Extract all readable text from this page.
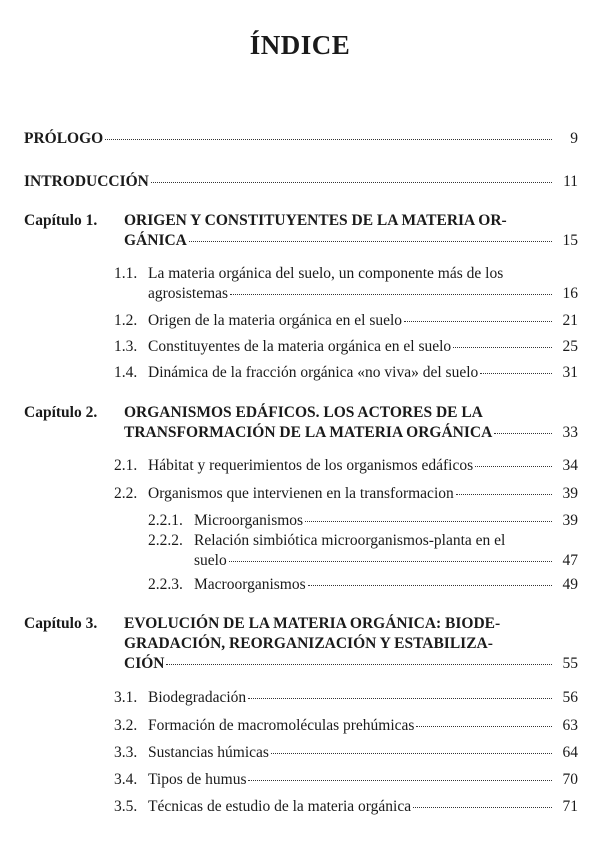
ÍNDICE
PRÓLOGO	9
INTRODUCCIÓN	11
Capítulo 1.	ORIGEN Y CONSTITUYENTES DE LA MATERIA OR-
GÁNICA	15
1.1. La materia orgánica del suelo, un componente más de los
agrosistemas	16
1.2. Origen de la materia orgánica en el suelo	21
1.3. Constituyentes de la materia orgánica en el suelo	25
1.4. Dinámica de la fracción orgánica «no viva» del suelo	31
Capítulo 2.	ORGANISMOS EDÁFICOS. LOS ACTORES DE LA
TRANSFORMACIÓN DE LA MATERIA ORGÁNICA	33
2.1. Hábitat y requerimientos de los organismos edáficos	34
2.2. Organismos que intervienen en la transformacion	39
2.2.1. Microorganismos	39
2.2.2. Relación simbiótica microorganismos-planta en el
suelo	47
2.2.3. Macroorganismos	49
Capítulo 3.	EVOLUCIÓN DE LA MATERIA ORGÁNICA: BIODE-
GRADACIÓN, REORGANIZACIÓN Y ESTABILIZA-
CIÓN	55
3.1. Biodegradación	56
3.2. Formación de macromoléculas prehúmicas	63
3.3. Sustancias húmicas	64
3.4. Tipos de humus	70
3.5. Técnicas de estudio de la materia orgánica	71
